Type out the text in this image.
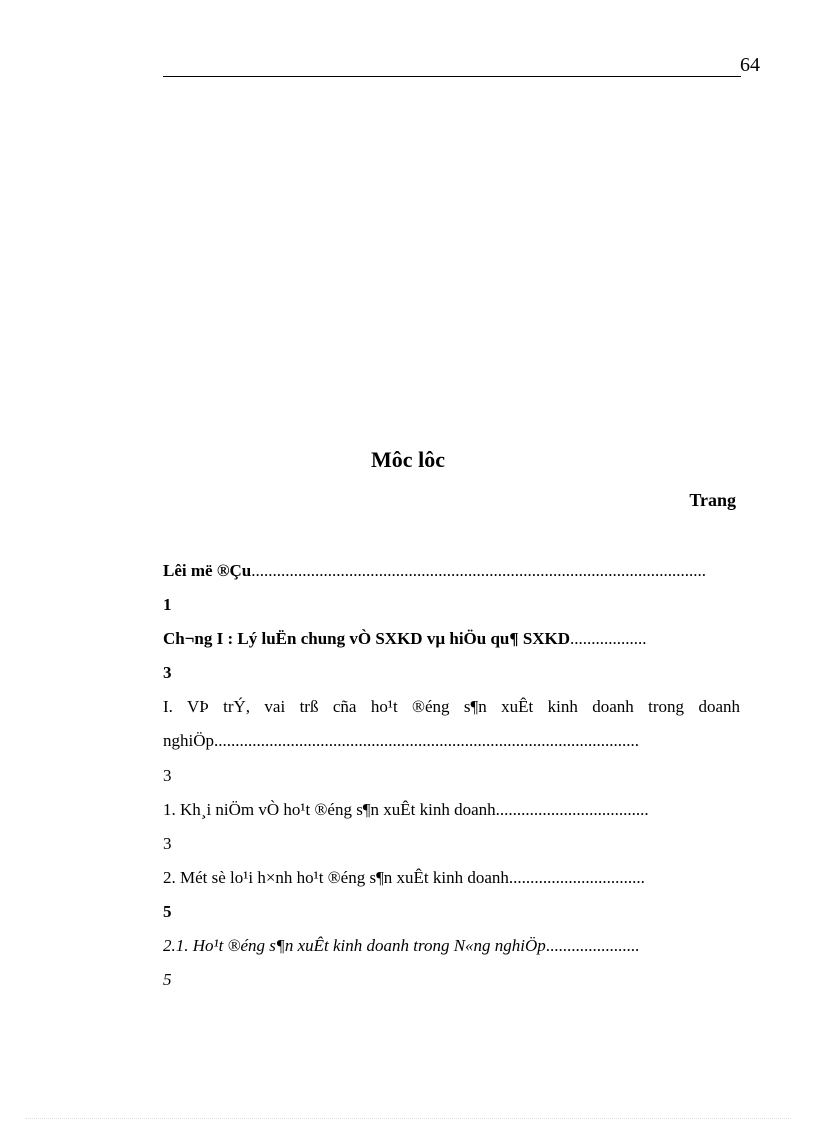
64
Môc lôc
Trang
Lêi më ®Çu...........................................................................................................
1
Ch¬ng I : Lý luËn chung vÒ SXKD vµ hiÖu qu¶ SXKD..................
3
I. VÞ trÝ, vai trß cña ho¹t ®éng s¶n xuÊt kinh doanh trong doanh
nghiÖp....................................................................................................
3
1. Kh¸i niÖm vÒ ho¹t ®éng s¶n xuÊt kinh doanh....................................
3
2. Mét sè lo¹i h×nh ho¹t ®éng s¶n xuÊt kinh doanh................................
5
2.1. Ho¹t ®éng s¶n xuÊt kinh doanh trong N«ng nghiÖp......................
5
